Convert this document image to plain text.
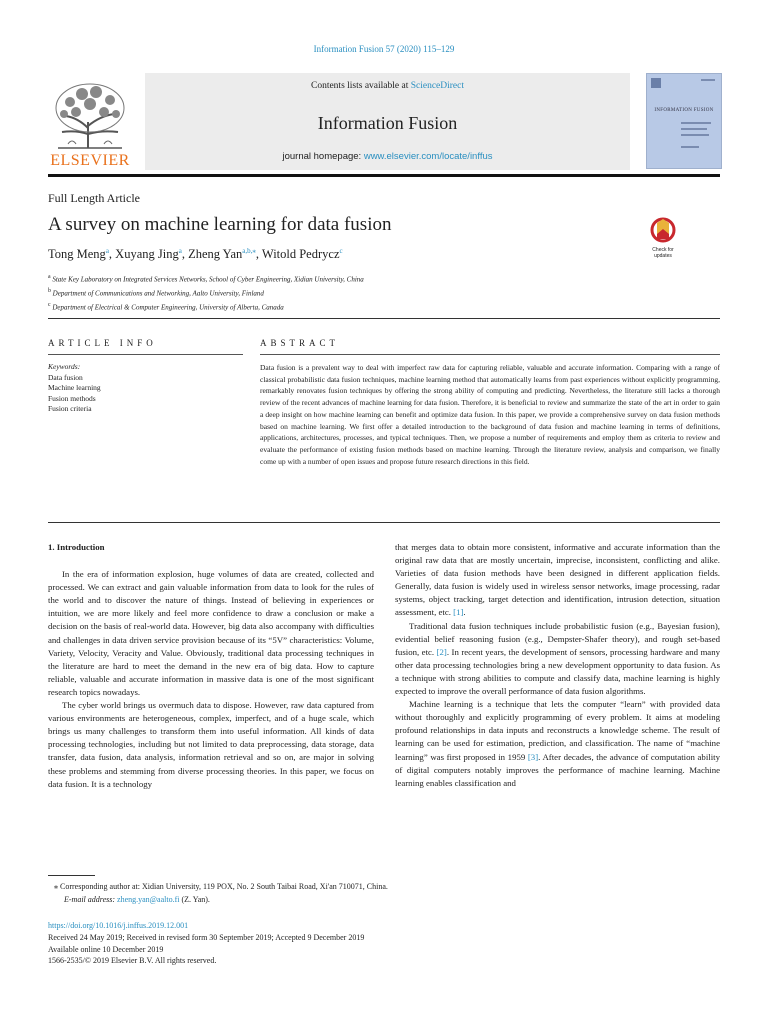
Information Fusion 57 (2020) 115–129
ELSEVIER
Contents lists available at ScienceDirect
Information Fusion
journal homepage: www.elsevier.com/locate/inffus
INFORMATION FUSION
Full Length Article
A survey on machine learning for data fusion
Tong Meng$^a$, Xuyang Jing$^a$, Zheng Yan$^{a,b,⁎}$, Witold Pedrycz$^c$	Check for updates
$^a$ State Key Laboratory on Integrated Services Networks, School of Cyber Engineering, Xidian University, China
$^b$ Department of Communications and Networking, Aalto University, Finland
$^c$ Department of Electrical & Computer Engineering, University of Alberta, Canada
ARTICLE INFO
Keywords:
Data fusion
Machine learning
Fusion methods
Fusion criteria
ABSTRACT
Data fusion is a prevalent way to deal with imperfect raw data for capturing reliable, valuable and accurate information. Comparing with a range of classical probabilistic data fusion techniques, machine learning method that automatically learns from past experiences without explicitly programming, remarkably renovates fusion techniques by offering the strong ability of computing and predicting. Nevertheless, the literature still lacks a thorough review of the recent advances of machine learning for data fusion. Therefore, it is beneficial to review and summarize the state of the art in order to gain a deep insight on how machine learning can benefit and optimize data fusion. In this paper, we provide a comprehensive survey on data fusion methods based on machine learning. We first offer a detailed introduction to the background of data fusion and machine learning in terms of definitions, applications, architectures, processes, and typical techniques. Then, we propose a number of requirements and employ them as criteria to review and evaluate the performance of existing fusion methods based on machine learning. Through the literature review, analysis and comparison, we finally come up with a number of open issues and propose future research directions in this field.
1. Introduction

In the era of information explosion, huge volumes of data are created, collected and processed. We can extract and gain valuable information from data to look for the rules of the world and to discover the nature of things. Instead of believing in experiences or intuition, we are more likely and feel more confidence to draw a conclusion or make a decision on the basis of real-world data. However, big data also accompany with difficulties and challenges in data driven service provision because of its “5V” characteristics: Volume, Variety, Velocity, Veracity and Value. Obviously, traditional data processing techniques in the literature are hard to meet the demand in the new era of big data. How to capture reliable, valuable and accurate information in massive data is one of the most significant research topics nowadays.

The cyber world brings us overmuch data to dispose. However, raw data captured from various environments are heterogeneous, complex, imperfect, and of a huge scale, which brings us many challenges to transform them into useful information. All kinds of data processing technologies, including but not limited to data preprocessing, data storage, data transfer, data fusion, data analysis, information retrieval and so on, are major in solving these problems and stemming from diverse processing theories. In this paper, we focus on data fusion. It is a technology

that merges data to obtain more consistent, informative and accurate information than the original raw data that are mostly uncertain, imprecise, inconsistent, conflicting and alike. Varieties of data fusion methods have been designed in different application fields. Generally, data fusion is widely used in wireless sensor networks, image processing, radar systems, object tracking, target detection and identification, intrusion detection, situation assessment, etc. [1].

Traditional data fusion techniques include probabilistic fusion (e.g., Bayesian fusion), evidential belief reasoning fusion (e.g., Dempster-Shafer theory), and rough set-based fusion, etc. [2]. In recent years, the development of sensors, processing hardware and many other data processing technologies bring a new development opportunity to data fusion. As a technique with strong abilities to compute and classify data, machine learning is highly expected to improve the overall performance of data fusion algorithms.

Machine learning is a technique that lets the computer “learn” with provided data without thoroughly and explicitly programming of every problem. It aims at modeling profound relationships in data inputs and reconstructs a knowledge scheme. The result of learning can be used for estimation, prediction, and classification. The name of “machine learning” was first proposed in 1959 [3]. After decades, the advance of computation ability of digital computers notably improves the performance of machine learning. Machine learning enables classification and

⁎ Corresponding author at: Xidian University, 119 POX, No. 2 South Taibai Road, Xi'an 710071, China.
E-mail address: zheng.yan@aalto.fi (Z. Yan).
https://doi.org/10.1016/j.inffus.2019.12.001
Received 24 May 2019; Received in revised form 30 September 2019; Accepted 9 December 2019
Available online 10 December 2019
1566-2535/© 2019 Elsevier B.V. All rights reserved.
